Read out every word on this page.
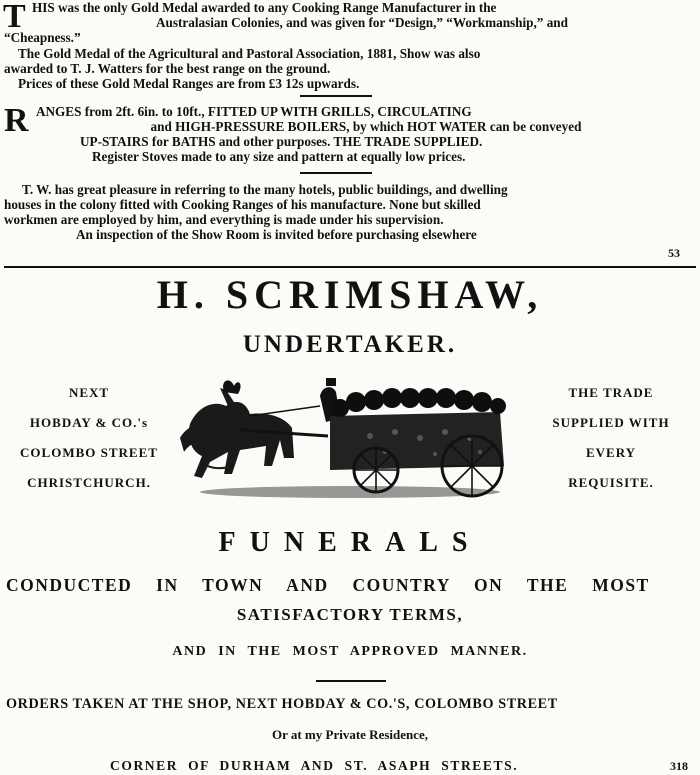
T HIS was the only Gold Medal awarded to any Cooking Range Manufacturer in the
Australasian Colonies, and was given for “Design,” “Workmanship,” and
“Cheapness.”
The Gold Medal of the Agricultural and Pastoral Association, 1881, Show was also
awarded to T. J. Watters for the best range on the ground.
Prices of these Gold Medal Ranges are from £3 12s upwards.
R ANGES from 2ft. 6in. to 10ft., FITTED UP WITH GRILLS, CIRCULATING
and HIGH-PRESSURE BOILERS, by which HOT WATER can be conveyed
UP-STAIRS for BATHS and other purposes. THE TRADE SUPPLIED.
Register Stoves made to any size and pattern at equally low prices.
T. W. has great pleasure in referring to the many hotels, public buildings, and dwelling
houses in the colony fitted with Cooking Ranges of his manufacture. None but skilled
workmen are employed by him, and everything is made under his supervision.
An inspection of the Show Room is invited before purchasing elsewhere
53
H. SCRIMSHAW,
UNDERTAKER.
NEXT
HOBDAY & CO.'s
COLOMBO STREET
CHRISTCHURCH.
THE TRADE
SUPPLIED WITH
EVERY
REQUISITE.
FUNERALS
CONDUCTED IN TOWN AND COUNTRY ON THE MOST
SATISFACTORY TERMS,
AND IN THE MOST APPROVED MANNER.
ORDERS TAKEN AT THE SHOP, NEXT HOBDAY & CO.'S, COLOMBO STREET
Or at my Private Residence,
CORNER OF DURHAM AND ST. ASAPH STREETS.	318
